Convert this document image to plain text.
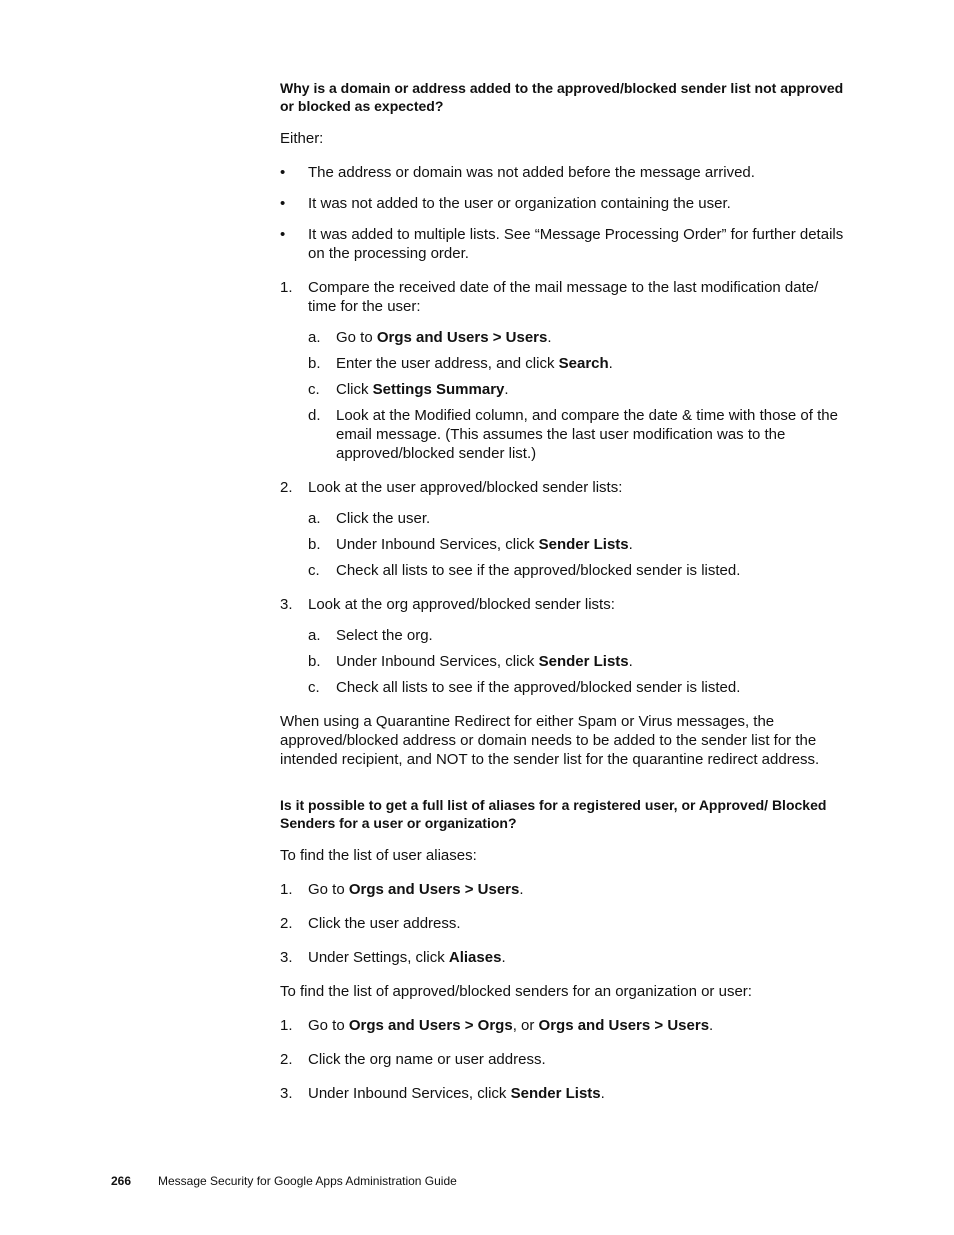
Why is a domain or address added to the approved/blocked sender list not approved or blocked as expected?

Either:

• The address or domain was not added before the message arrived.
• It was not added to the user or organization containing the user.
• It was added to multiple lists. See “Message Processing Order” for further details on the processing order.
1. Compare the received date of the mail message to the last modification date/ time for the user:
a. Go to Orgs and Users > Users.
b. Enter the user address, and click Search.
c. Click Settings Summary.
d. Look at the Modified column, and compare the date & time with those of the email message. (This assumes the last user modification was to the approved/blocked sender list.)
2. Look at the user approved/blocked sender lists:
a. Click the user.
b. Under Inbound Services, click Sender Lists.
c. Check all lists to see if the approved/blocked sender is listed.
3. Look at the org approved/blocked sender lists:
a. Select the org.
b. Under Inbound Services, click Sender Lists.
c. Check all lists to see if the approved/blocked sender is listed.

When using a Quarantine Redirect for either Spam or Virus messages, the approved/blocked address or domain needs to be added to the sender list for the intended recipient, and NOT to the sender list for the quarantine redirect address.

Is it possible to get a full list of aliases for a registered user, or Approved/ Blocked Senders for a user or organization?

To find the list of user aliases:

1. Go to Orgs and Users > Users.
2. Click the user address.
3. Under Settings, click Aliases.

To find the list of approved/blocked senders for an organization or user:

1. Go to Orgs and Users > Orgs, or Orgs and Users > Users.
2. Click the org name or user address.
3. Under Inbound Services, click Sender Lists.
266 Message Security for Google Apps Administration Guide
